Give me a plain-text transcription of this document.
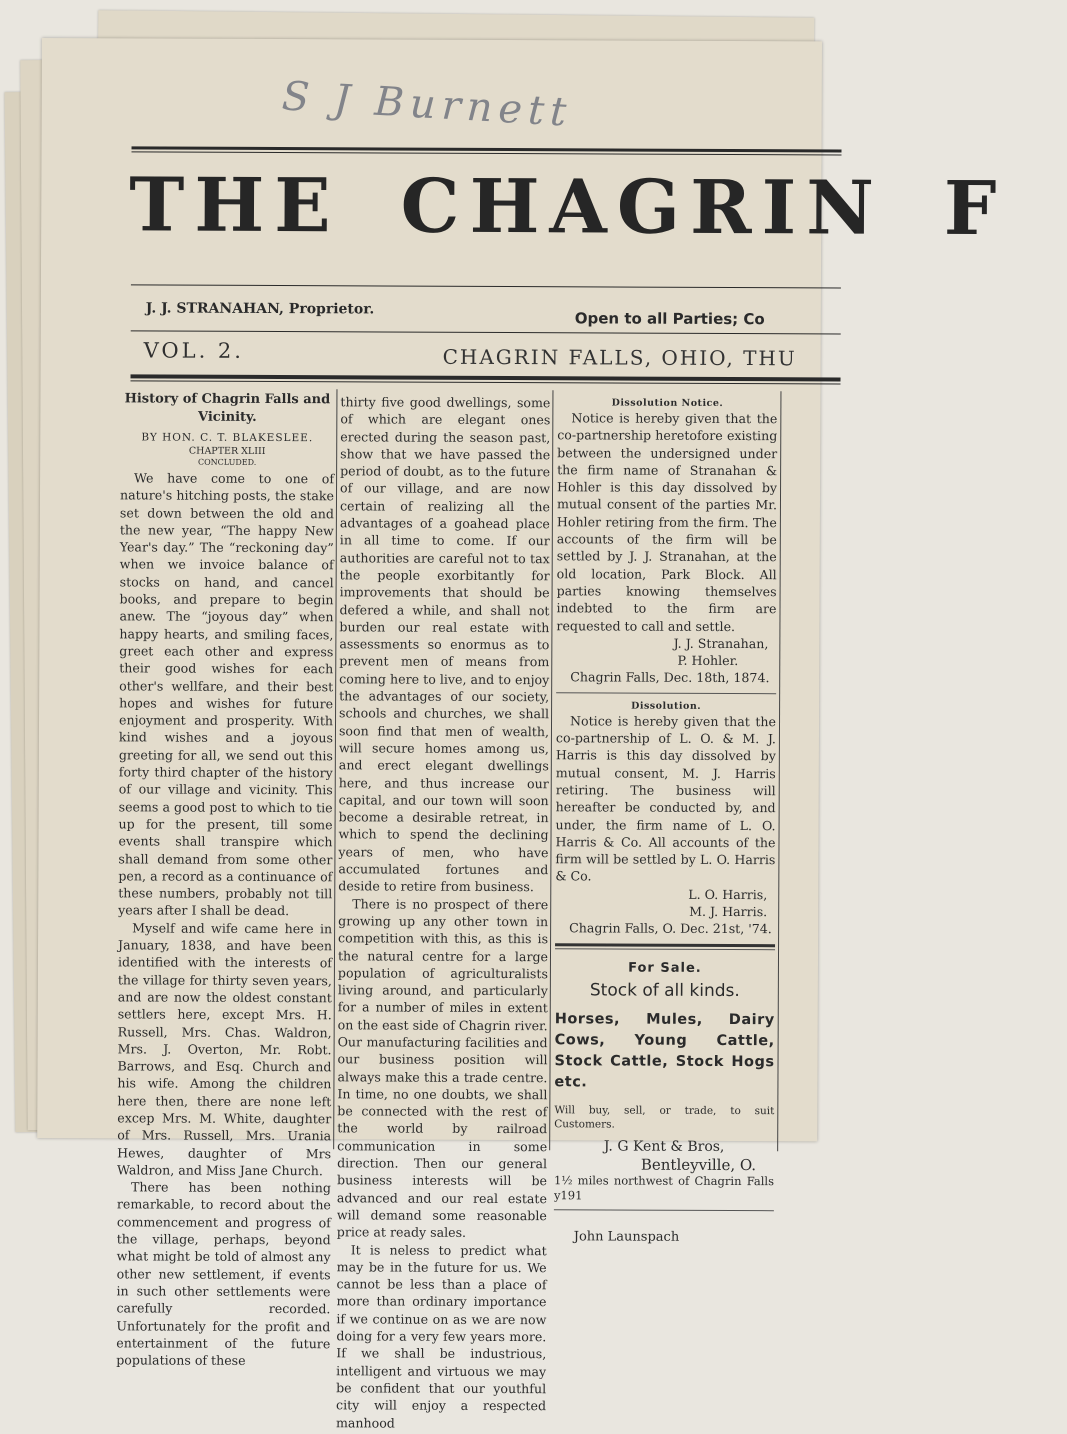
S J Burnett
THE CHAGRIN F
J. J. STRANAHAN, Proprietor.
Open to all Parties; Co
VOL. 2.	CHAGRIN FALLS, OHIO, THU
History of Chagrin Falls and Vicinity.
BY HON. C. T. BLAKESLEE.
CHAPTER XLIII
CONCLUDED.

We have come to one of nature's hitching posts, the stake set down between the old and the new year, “The happy New Year's day.” The “reckoning day” when we invoice balance of stocks on hand, and cancel books, and prepare to begin anew. The “joyous day” when happy hearts, and smiling faces, greet each other and express their good wishes for each other's wellfare, and their best hopes and wishes for future enjoyment and prosperity. With kind wishes and a joyous greeting for all, we send out this forty third chapter of the history of our village and vicinity. This seems a good post to which to tie up for the present, till some events shall transpire which shall demand from some other pen, a record as a continuance of these numbers, probably not till years after I shall be dead.

Myself and wife came here in January, 1838, and have been identified with the interests of the village for thirty seven years, and are now the oldest constant settlers here, except Mrs. H. Russell, Mrs. Chas. Waldron, Mrs. J. Overton, Mr. Robt. Barrows, and Esq. Church and his wife. Among the children here then, there are none left excep Mrs. M. White, daughter of Mrs. Russell, Mrs. Urania Hewes, daughter of Mrs Waldron, and Miss Jane Church.

There has been nothing remarkable, to record about the commencement and progress of the village, perhaps, beyond what might be told of almost any other new settlement, if events in such other settlements were carefully recorded. Unfortunately for the profit and entertainment of the future populations of these

thirty five good dwellings, some of which are elegant ones erected during the season past, show that we have passed the period of doubt, as to the future of our village, and are now certain of realizing all the advantages of a goahead place in all time to come. If our authorities are careful not to tax the people exorbitantly for improvements that should be defered a while, and shall not burden our real estate with assessments so enormus as to prevent men of means from coming here to live, and to enjoy the advantages of our society, schools and churches, we shall soon find that men of wealth, will secure homes among us, and erect elegant dwellings here, and thus increase our capital, and our town will soon become a desirable retreat, in which to spend the declining years of men, who have accumulated fortunes and deside to retire from business.

There is no prospect of there growing up any other town in competition with this, as this is the natural centre for a large population of agriculturalists living around, and particularly for a number of miles in extent on the east side of Chagrin river. Our manufacturing facilities and our business position will always make this a trade centre. In time, no one doubts, we shall be connected with the rest of the world by railroad communication in some direction. Then our general business interests will be advanced and our real estate will demand some reasonable price at ready sales.

It is neless to predict what may be in the future for us. We cannot be less than a place of more than ordinary importance if we continue on as we are now doing for a very few years more. If we shall be industrious, intelligent and virtuous we may be confident that our youthful city will enjoy a respected manhood

Dissolution Notice.

Notice is hereby given that the co-partnership heretofore existing between the undersigned under the firm name of Stranahan & Hohler is this day dissolved by mutual consent of the parties Mr. Hohler retiring from the firm. The accounts of the firm will be settled by J. J. Stranahan, at the old location, Park Block. All parties knowing themselves indebted to the firm are requested to call and settle.

J. J. Stranahan,

P. Hohler.

Chagrin Falls, Dec. 18th, 1874.

Dissolution.

Notice is hereby given that the co-partnership of L. O. & M. J. Harris is this day dissolved by mutual consent, M. J. Harris retiring. The business will hereafter be conducted by, and under, the firm name of L. O. Harris & Co. All accounts of the firm will be settled by L. O. Harris & Co.

L. O. Harris,

M. J. Harris.

Chagrin Falls, O. Dec. 21st, '74.

For Sale.
Stock of all kinds.
Horses, Mules, Dairy Cows, Young Cattle, Stock Cattle, Stock Hogs etc.
Will buy, sell, or trade, to suit Customers.
J. G Kent & Bros,
Bentleyville, O.
1½ miles northwest of Chagrin Falls y191
John Launspach
